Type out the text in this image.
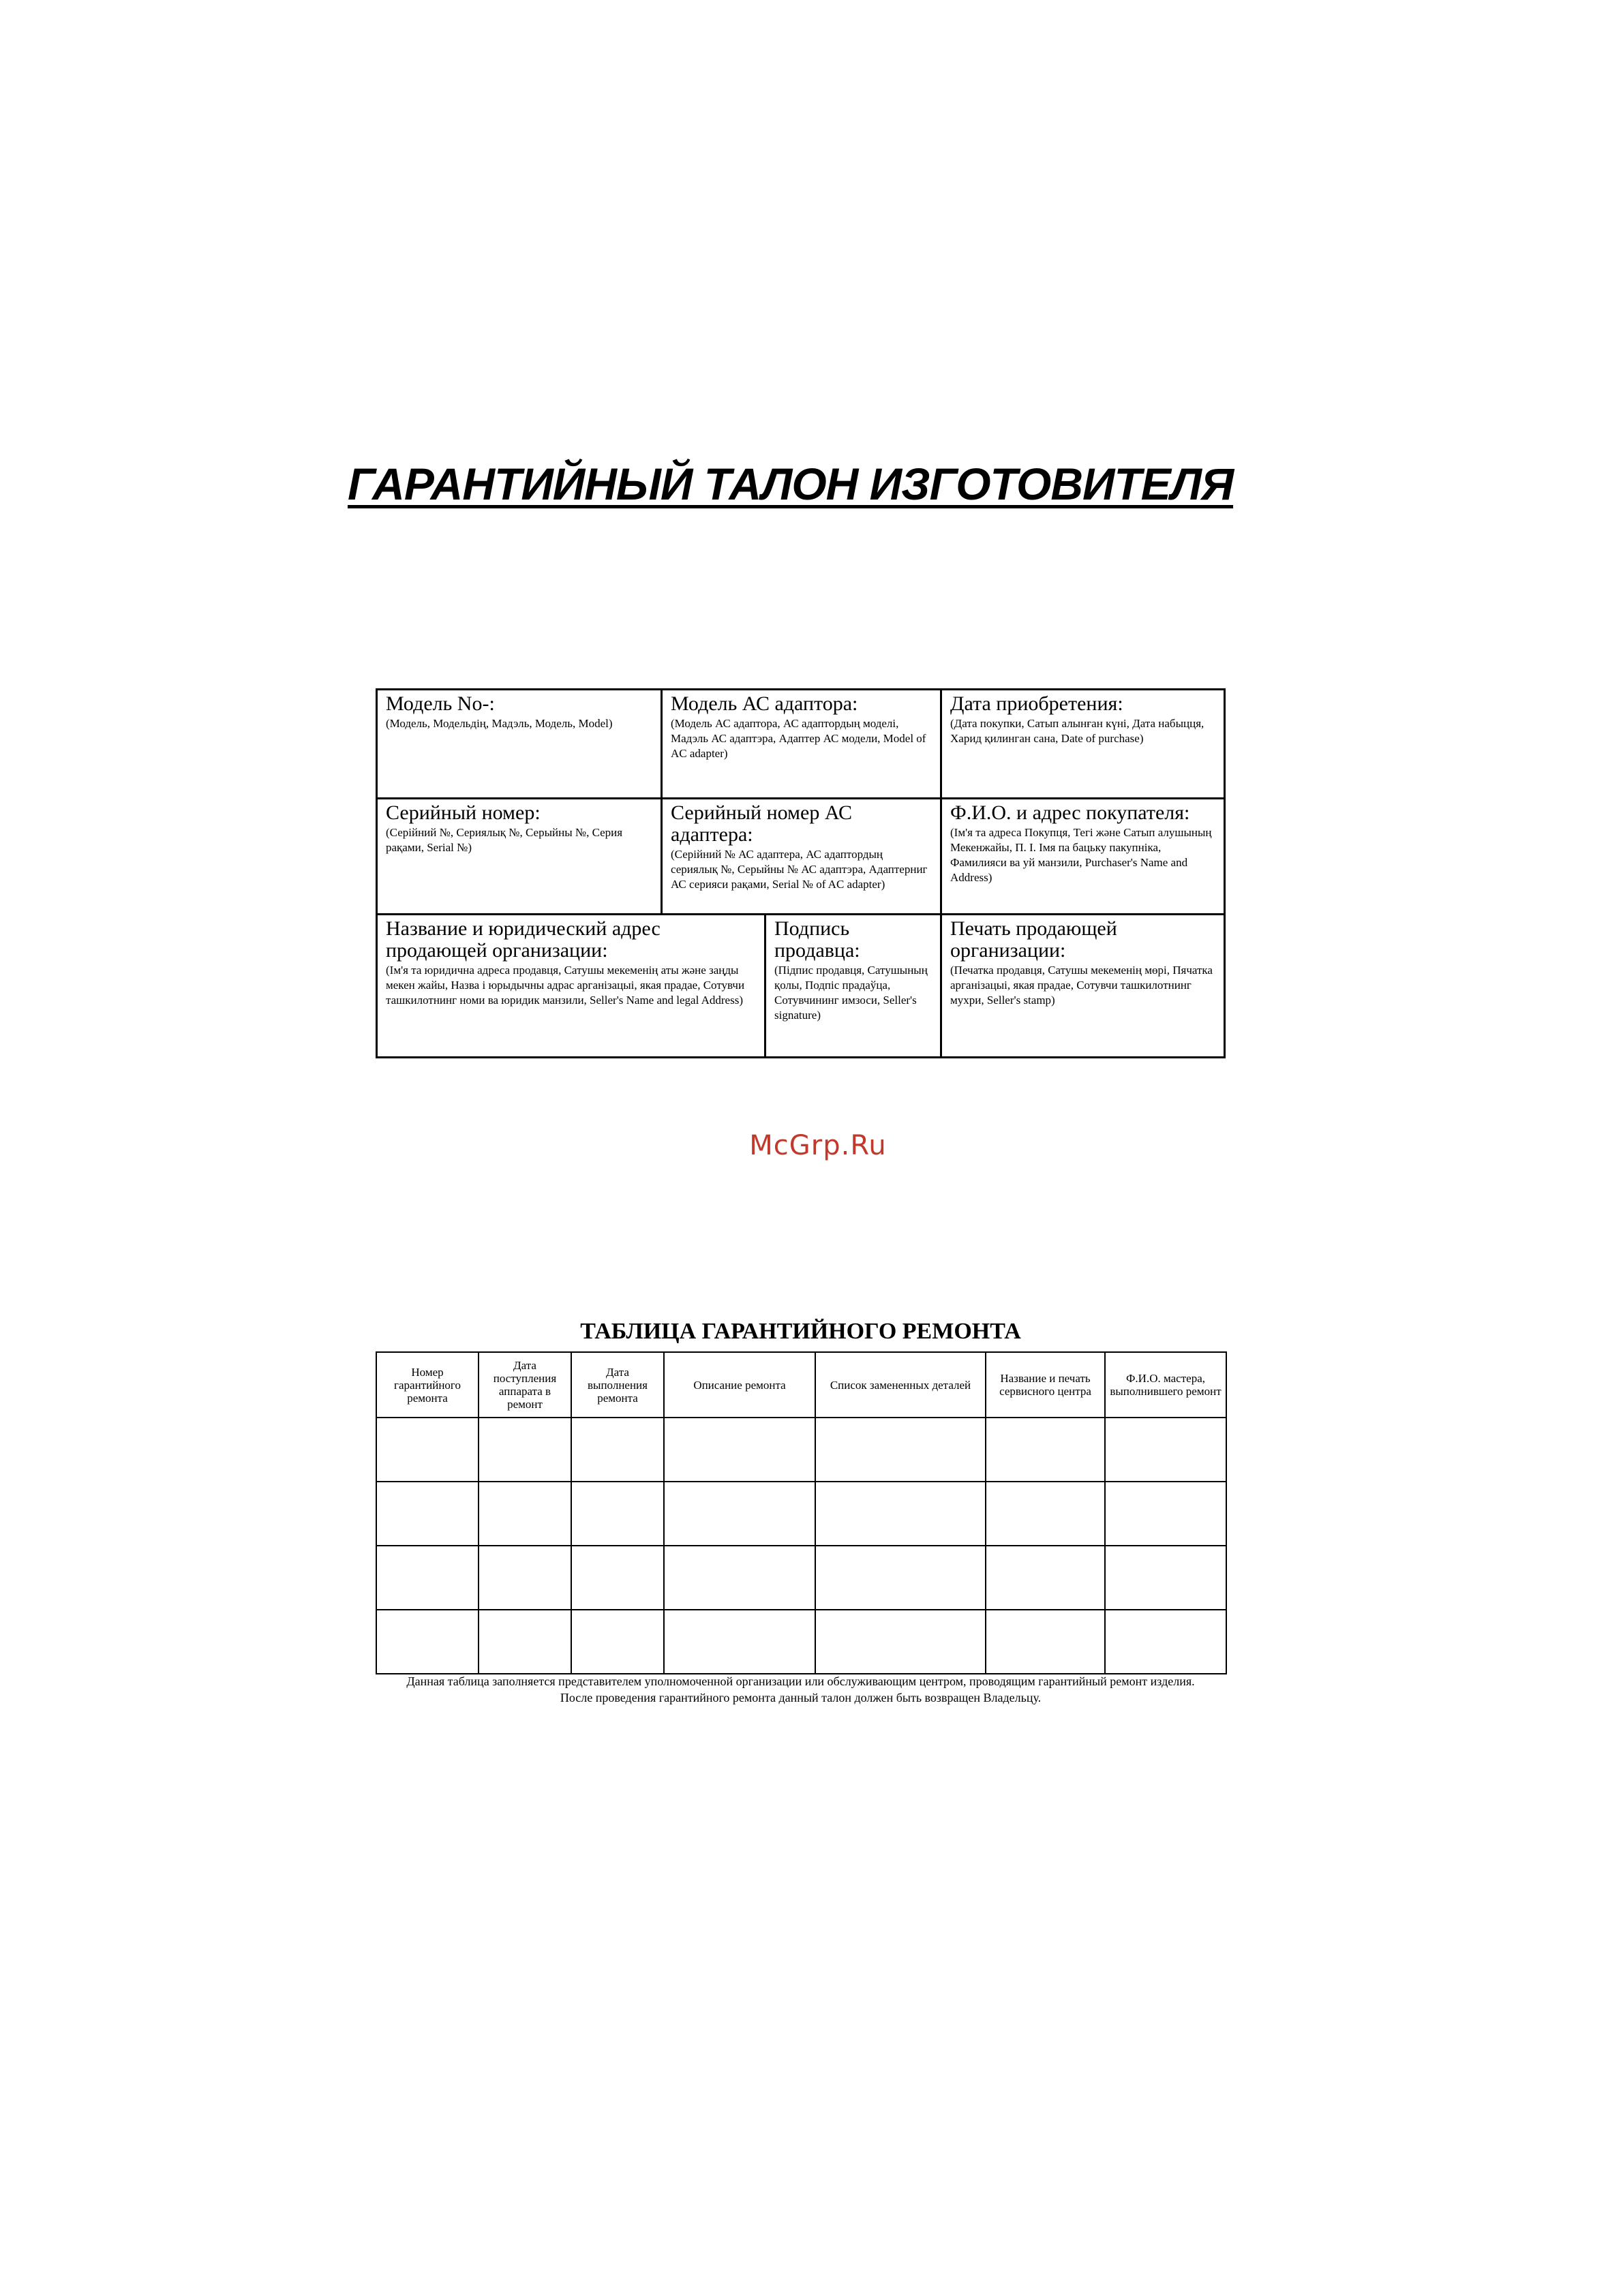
ГАРАНТИЙНЫЙ ТАЛОН ИЗГОТОВИТЕЛЯ
Модель No-:
(Модель, Модельдің, Мадэль, Модель, Model)
Модель АС адаптора:
(Модель АС адаптора, АС адаптордың моделі, Мадэль АС адаптэра, Адаптер АС модели, Model of AC adapter)
Дата приобретения:
(Дата покупки, Сатып алынған күні, Дата набыцця, Харид қилинган сана, Date of purchase)
Серийный номер:
(Серійний №, Сериялық №, Серыйны №, Серия рақами, Serial №)
Серийный номер АС адаптера:
(Серійний № АС адаптера, АС адаптордың сериялық №, Серыйны № АС адаптэра, Адаптерниг АС серияси рақами, Serial № of AC adapter)
Ф.И.О. и адрес покупателя:
(Ім'я та адреса Покупця, Тегі және Сатып алушының Мекенжайы, П. І. Імя па бацьку пакупніка, Фамилияси ва уй манзили, Purchaser's Name and Address)
Название и юридический адрес продающей организации:
(Ім'я та юридична адреса продавця, Сатушы мекеменің аты және заңды мекен жайы, Назва і юрыдычны адрас арганізацыі, якая прадае, Сотувчи ташкилотнинг номи ва юридик манзили, Seller's Name and legal Address)
Подпись продавца:
(Підпис продавця, Сатушының қолы, Подпіс прадаўца, Сотувчининг имзоси, Seller's signature)
Печать продающей организации:
(Печатка продавця, Сатушы мекеменің мөрі, Пячатка арганізацыі, якая прадае, Сотувчи ташкилотнинг мухри, Seller's stamp)
McGrp.Ru
ТАБЛИЦА ГАРАНТИЙНОГО РЕМОНТА
Номер гарантийного ремонта	Дата поступления аппарата в ремонт	Дата выполнения ремонта	Описание ремонта	Список замененных деталей	Название и печать сервисного центра	Ф.И.О. мастера, выполнившего ремонт

Данная таблица заполняется представителем уполномоченной организации или обслуживающим центром, проводящим гарантийный ремонт изделия.
После проведения гарантийного ремонта данный талон должен быть возвращен Владельцу.
